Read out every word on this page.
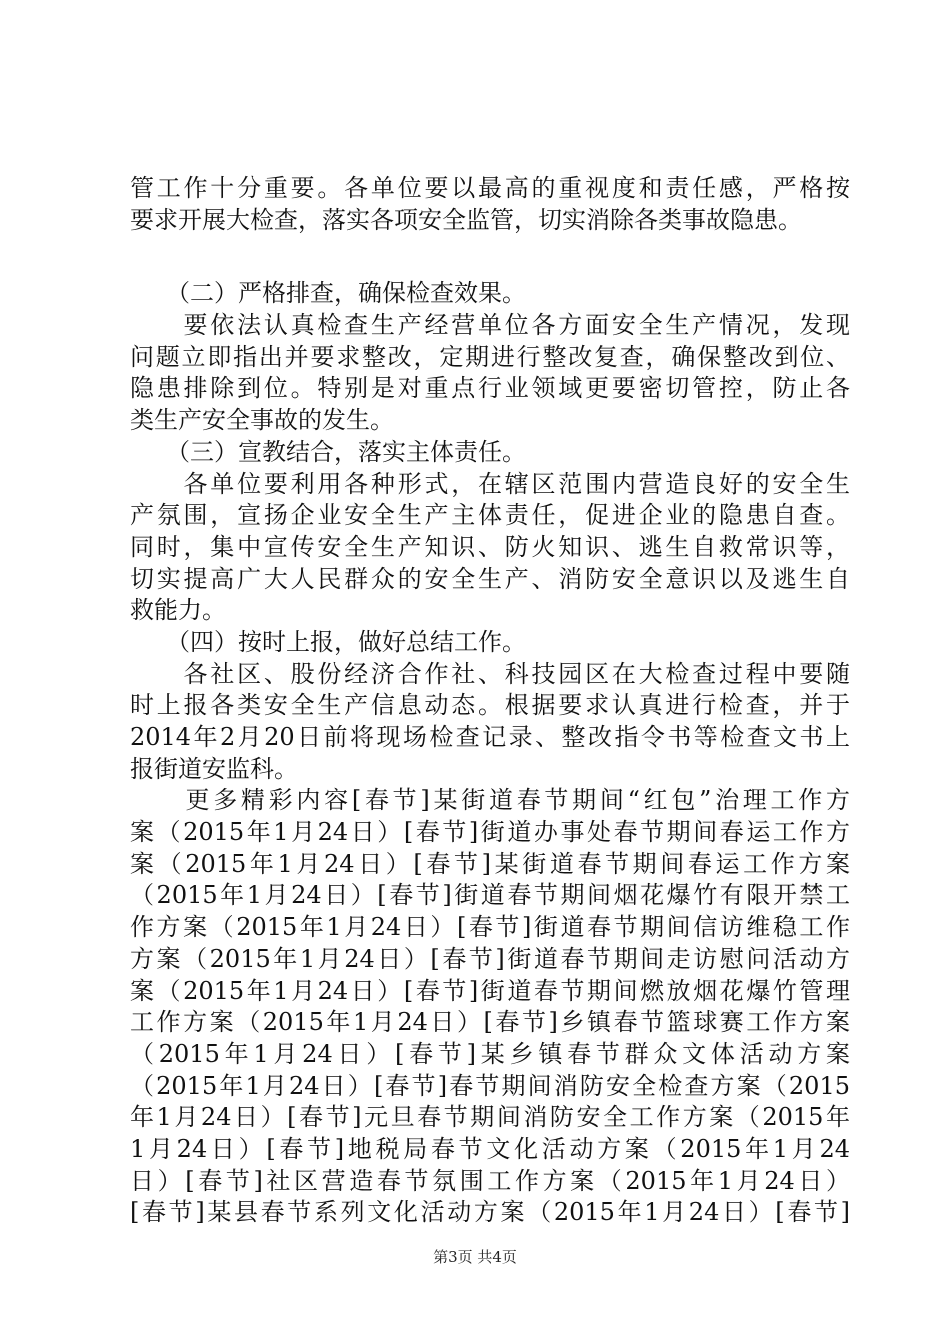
管工作十分重要。各单位要以最高的重视度和责任感，严格按
要求开展大检查，落实各项安全监管，切实消除各类事故隐患。
　　（二）严格排查，确保检查效果。
　　要依法认真检查生产经营单位各方面安全生产情况，发现
问题立即指出并要求整改，定期进行整改复查，确保整改到位、
隐患排除到位。特别是对重点行业领域更要密切管控，防止各
类生产安全事故的发生。
　　（三）宣教结合，落实主体责任。
　　各单位要利用各种形式，在辖区范围内营造良好的安全生
产氛围，宣扬企业安全生产主体责任，促进企业的隐患自查。
同时，集中宣传安全生产知识、防火知识、逃生自救常识等，
切实提高广大人民群众的安全生产、消防安全意识以及逃生自
救能力。
　　（四）按时上报，做好总结工作。
　　各社区、股份经济合作社、科技园区在大检查过程中要随
时上报各类安全生产信息动态。根据要求认真进行检查，并于
2014年2月20日前将现场检查记录、整改指令书等检查文书上
报街道安监科。
　　更多精彩内容[春节]某街道春节期间“红包”治理工作方
案（2015年1月24日）[春节]街道办事处春节期间春运工作方
案（2015年1月24日）[春节]某街道春节期间春运工作方案
（2015年1月24日）[春节]街道春节期间烟花爆竹有限开禁工
作方案（2015年1月24日）[春节]街道春节期间信访维稳工作
方案（2015年1月24日）[春节]街道春节期间走访慰问活动方
案（2015年1月24日）[春节]街道春节期间燃放烟花爆竹管理
工作方案（2015年1月24日）[春节]乡镇春节篮球赛工作方案
（2015年1月24日）[春节]某乡镇春节群众文体活动方案
（2015年1月24日）[春节]春节期间消防安全检查方案（2015
年1月24日）[春节]元旦春节期间消防安全工作方案（2015年
1月24日）[春节]地税局春节文化活动方案（2015年1月24
日）[春节]社区营造春节氛围工作方案（2015年1月24日）
[春节]某县春节系列文化活动方案（2015年1月24日）[春节]
第3页 共4页
